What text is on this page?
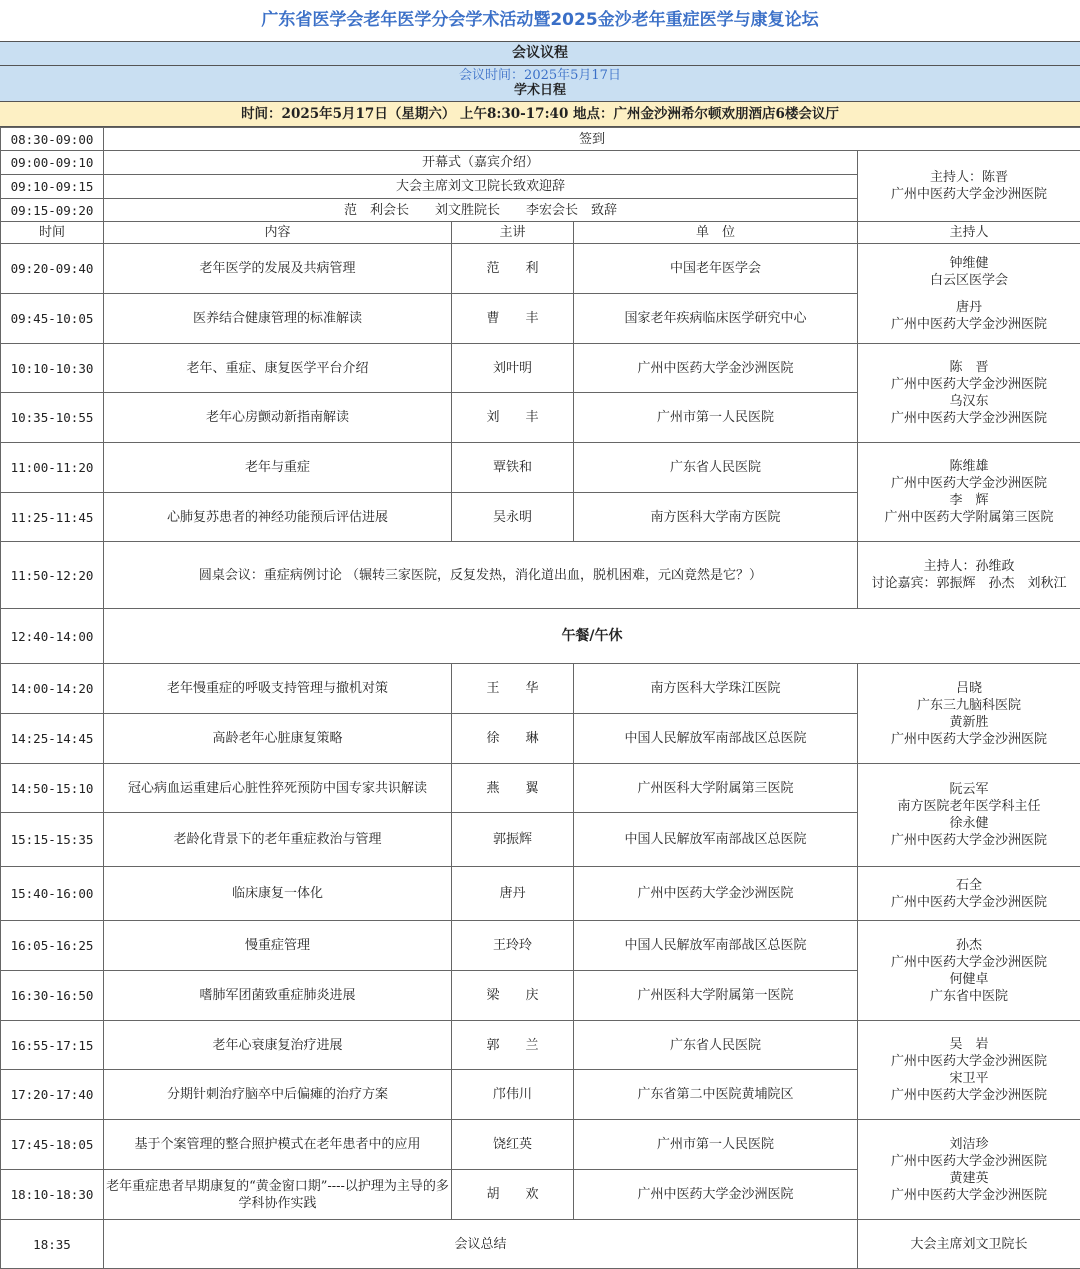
广东省医学会老年医学分会学术活动暨2025金沙老年重症医学与康复论坛
会议议程
会议时间：2025年5月17日
学术日程
时间：2025年5月17日（星期六） 上午8:30-17:40 地点：广州金沙洲希尔顿欢朋酒店6楼会议厅
08:30-09:00	签到			
09:00-09:10	开幕式（嘉宾介绍）			主持人：陈晋
广州中医药大学金沙洲医院

09:10-09:15	大会主席刘文卫院长致欢迎辞			
09:15-09:20	范　利会长　　刘文胜院长　　李宏会长　致辞			
时间	内容	主讲	单　位	主持人
09:20-09:40	老年医学的发展及共病管理	范　　利	中国老年医学会	钟维健
白云区医学会
唐丹
广州中医药大学金沙洲医院

09:45-10:05	医养结合健康管理的标准解读	曹　　丰	国家老年疾病临床医学研究中心	
10:10-10:30	老年、重症、康复医学平台介绍	刘叶明	广州中医药大学金沙洲医院	陈　晋
广州中医药大学金沙洲医院
乌汉东
广州中医药大学金沙洲医院

10:35-10:55	老年心房颤动新指南解读	刘　　丰	广州市第一人民医院	
11:00-11:20	老年与重症	覃铁和	广东省人民医院	陈维雄
广州中医药大学金沙洲医院
李　辉
广州中医药大学附属第三医院

11:25-11:45	心肺复苏患者的神经功能预后评估进展	吴永明	南方医科大学南方医院	
11:50-12:20	圆桌会议：重症病例讨论 （辗转三家医院，反复发热，消化道出血，脱机困难，元凶竟然是它？）			主持人：孙维政
讨论嘉宾：郭振辉　孙杰　刘秋江

12:40-14:00	午餐/午休			
14:00-14:20	老年慢重症的呼吸支持管理与撤机对策	王　　华	南方医科大学珠江医院	吕晓
广东三九脑科医院
黄新胜
广州中医药大学金沙洲医院

14:25-14:45	高龄老年心脏康复策略	徐　　琳	中国人民解放军南部战区总医院	
14:50-15:10	冠心病血运重建后心脏性猝死预防中国专家共识解读	燕　　翼	广州医科大学附属第三医院	阮云军
南方医院老年医学科主任
徐永健
广州中医药大学金沙洲医院

15:15-15:35	老龄化背景下的老年重症救治与管理	郭振辉	中国人民解放军南部战区总医院	
15:40-16:00	临床康复一体化	唐丹	广州中医药大学金沙洲医院	石全
广州中医药大学金沙洲医院

16:05-16:25	慢重症管理	王玲玲	中国人民解放军南部战区总医院	孙杰
广州中医药大学金沙洲医院
何健卓
广东省中医院

16:30-16:50	嗜肺军团菌致重症肺炎进展	梁　　庆	广州医科大学附属第一医院	
16:55-17:15	老年心衰康复治疗进展	郭　　兰	广东省人民医院	吴　岩
广州中医药大学金沙洲医院
宋卫平
广州中医药大学金沙洲医院

17:20-17:40	分期针刺治疗脑卒中后偏瘫的治疗方案	邝伟川	广东省第二中医院黄埔院区	
17:45-18:05	基于个案管理的整合照护模式在老年患者中的应用	饶红英	广州市第一人民医院	刘洁珍
广州中医药大学金沙洲医院
黄建英
广州中医药大学金沙洲医院

18:10-18:30	老年重症患者早期康复的“黄金窗口期”----以护理为主导的多学科协作实践	胡　　欢	广州中医药大学金沙洲医院	
18:35	会议总结			大会主席刘文卫院长
